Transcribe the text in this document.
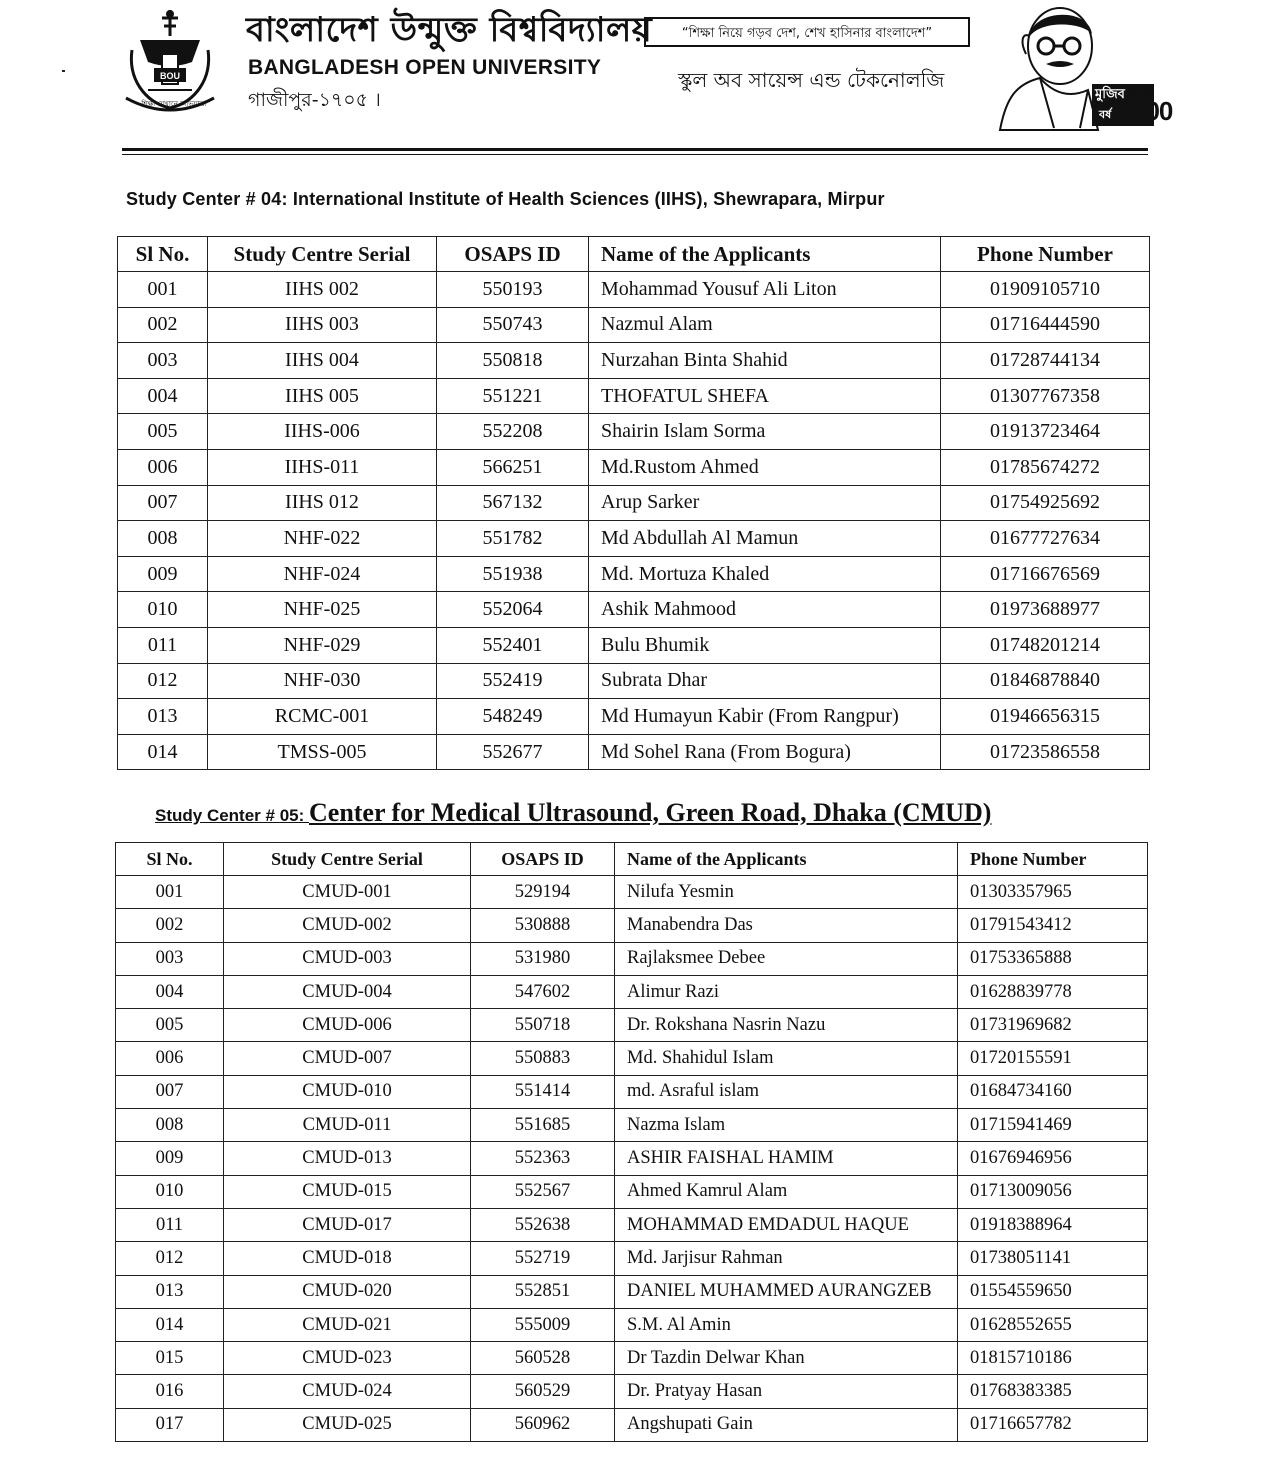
BOU
শিক্ষা যেখানে অভিযাত্রা
বাংলাদেশ উন্মুক্ত বিশ্ববিদ্যালয়
BANGLADESH OPEN UNIVERSITY
গাজীপুর-১৭০৫ ।
“শিক্ষা নিয়ে গড়ব দেশ, শেখ হাসিনার বাংলাদেশ”
স্কুল অব সায়েন্স এন্ড টেকনোলজি
মুজিব
বর্ষ
MUJIB
100
Study Center # 04: International Institute of Health Sciences (IIHS), Shewrapara, Mirpur
Sl No.	Study Centre Serial	OSAPS ID	Name of the Applicants	Phone Number
001	IIHS 002	550193	Mohammad Yousuf Ali Liton	01909105710
002	IIHS 003	550743	Nazmul Alam	01716444590
003	IIHS 004	550818	Nurzahan Binta Shahid	01728744134
004	IIHS 005	551221	THOFATUL SHEFA	01307767358
005	IIHS-006	552208	Shairin Islam Sorma	01913723464
006	IIHS-011	566251	Md.Rustom Ahmed	01785674272
007	IIHS 012	567132	Arup Sarker	01754925692
008	NHF-022	551782	Md Abdullah Al Mamun	01677727634
009	NHF-024	551938	Md. Mortuza Khaled	01716676569
010	NHF-025	552064	Ashik Mahmood	01973688977
011	NHF-029	552401	Bulu Bhumik	01748201214
012	NHF-030	552419	Subrata Dhar	01846878840
013	RCMC-001	548249	Md Humayun Kabir (From Rangpur)	01946656315
014	TMSS-005	552677	Md Sohel Rana (From Bogura)	01723586558
Study Center # 05: Center for Medical Ultrasound, Green Road, Dhaka (CMUD)
Sl No.	Study Centre Serial	OSAPS ID	Name of the Applicants	Phone Number
001	CMUD-001	529194	Nilufa Yesmin	01303357965
002	CMUD-002	530888	Manabendra Das	01791543412
003	CMUD-003	531980	Rajlaksmee Debee	01753365888
004	CMUD-004	547602	Alimur Razi	01628839778
005	CMUD-006	550718	Dr. Rokshana Nasrin Nazu	01731969682
006	CMUD-007	550883	Md. Shahidul Islam	01720155591
007	CMUD-010	551414	md. Asraful islam	01684734160
008	CMUD-011	551685	Nazma Islam	01715941469
009	CMUD-013	552363	ASHIR FAISHAL HAMIM	01676946956
010	CMUD-015	552567	Ahmed Kamrul Alam	01713009056
011	CMUD-017	552638	MOHAMMAD EMDADUL HAQUE	01918388964
012	CMUD-018	552719	Md. Jarjisur Rahman	01738051141
013	CMUD-020	552851	DANIEL MUHAMMED AURANGZEB	01554559650
014	CMUD-021	555009	S.M. Al Amin	01628552655
015	CMUD-023	560528	Dr Tazdin Delwar Khan	01815710186
016	CMUD-024	560529	Dr. Pratyay Hasan	01768383385
017	CMUD-025	560962	Angshupati Gain	01716657782
